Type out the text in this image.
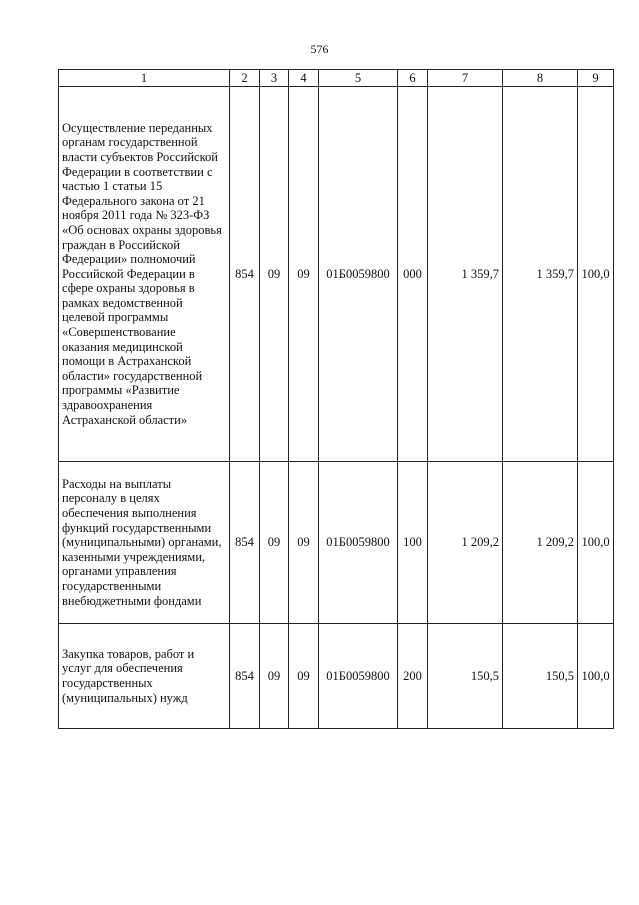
576
1	2	3	4	5	6	7	8	9
Осуществление переданных органам государственной власти субъектов Российской Федерации в соответствии с частью 1 статьи 15 Федерального закона от 21 ноября 2011 года № 323-ФЗ «Об основах охраны здоровья граждан в Российской Федерации» полномочий Российской Федерации в сфере охраны здоровья в рамках ведомственной целевой программы «Совершенствование оказания медицинской помощи в Астраханской области» государственной программы «Развитие здравоохранения Астраханской области»	854	09	09	01Б0059800	000	1 359,7	1 359,7	100,0
Расходы на выплаты персоналу в целях обеспечения выполнения функций государственными (муниципальными) органами, казенными учреждениями, органами управления государственными внебюджетными фондами	854	09	09	01Б0059800	100	1 209,2	1 209,2	100,0
Закупка товаров, работ и услуг для обеспечения государственных (муниципальных) нужд	854	09	09	01Б0059800	200	150,5	150,5	100,0
